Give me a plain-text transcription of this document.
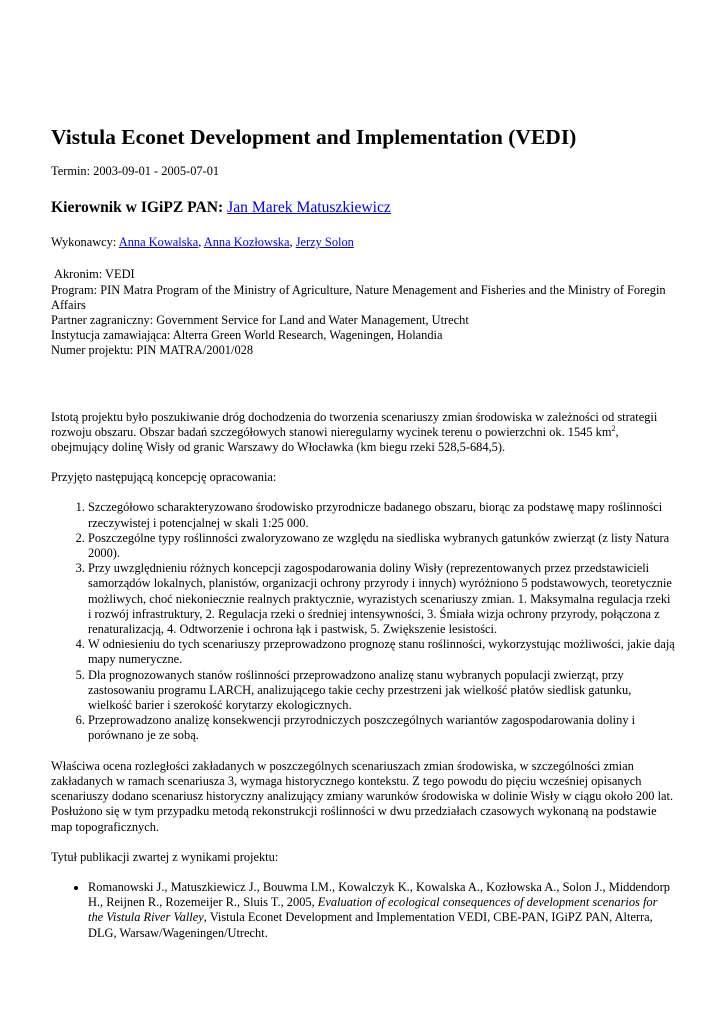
Vistula Econet Development and Implementation (VEDI)

Termin: 2003-09-01 - 2005-07-01

Kierownik w IGiPZ PAN: Jan Marek Matuszkiewicz

Wykonawcy: Anna Kowalska, Anna Kozłowska, Jerzy Solon

Akronim: VEDI
Program: PIN Matra Program of the Ministry of Agriculture, Nature Menagement and Fisheries and the Ministry of Foregin Affairs
Partner zagraniczny: Government Service for Land and Water Management, Utrecht
Instytucja zamawiająca: Alterra Green World Research, Wageningen, Holandia
Numer projektu: PIN MATRA/2001/028

Istotą projektu było poszukiwanie dróg dochodzenia do tworzenia scenariuszy zmian środowiska w zależności od strategii rozwoju obszaru. Obszar badań szczegółowych stanowi nieregularny wycinek terenu o powierzchni ok. 1545 $km^2$, obejmujący dolinę Wisły od granic Warszawy do Włocławka (km biegu rzeki 528,5-684,5).

Przyjęto następującą koncepcję opracowania:

1. Szczegółowo scharakteryzowano środowisko przyrodnicze badanego obszaru, biorąc za podstawę mapy roślinności rzeczywistej i potencjalnej w skali 1:25 000.
2. Poszczególne typy roślinności zwaloryzowano ze względu na siedliska wybranych gatunków zwierząt (z listy Natura 2000).
3. Przy uwzględnieniu różnych koncepcji zagospodarowania doliny Wisły (reprezentowanych przez przedstawicieli samorządów lokalnych, planistów, organizacji ochrony przyrody i innych) wyróżniono 5 podstawowych, teoretycznie możliwych, choć niekoniecznie realnych praktycznie, wyrazistych scenariuszy zmian. 1. Maksymalna regulacja rzeki i rozwój infrastruktury, 2. Regulacja rzeki o średniej intensywności, 3. Śmiała wizja ochrony przyrody, połączona z renaturalizacją, 4. Odtworzenie i ochrona łąk i pastwisk, 5. Zwiększenie lesistości.
4. W odniesieniu do tych scenariuszy przeprowadzono prognozę stanu roślinności, wykorzystując możliwości, jakie dają mapy numeryczne.
5. Dla prognozowanych stanów roślinności przeprowadzono analizę stanu wybranych populacji zwierząt, przy zastosowaniu programu LARCH, analizującego takie cechy przestrzeni jak wielkość płatów siedlisk gatunku, wielkość barier i szerokość korytarzy ekologicznych.
6. Przeprowadzono analizę konsekwencji przyrodniczych poszczególnych wariantów zagospodarowania doliny i porównano je ze sobą.

Właściwa ocena rozległości zakładanych w poszczególnych scenariuszach zmian środowiska, w szczególności zmian zakładanych w ramach scenariusza 3, wymaga historycznego kontekstu. Z tego powodu do pięciu wcześniej opisanych scenariuszy dodano scenariusz historyczny analizujący zmiany warunków środowiska w dolinie Wisły w ciągu około 200 lat. Posłużono się w tym przypadku metodą rekonstrukcji roślinności w dwu przedziałach czasowych wykonaną na podstawie map topograficznych.

Tytuł publikacji zwartej z wynikami projektu:

• Romanowski J., Matuszkiewicz J., Bouwma I.M., Kowalczyk K., Kowalska A., Kozłowska A., Solon J., Middendorp H., Reijnen R., Rozemeijer R., Sluis T., 2005, Evaluation of ecological consequences of development scenarios for the Vistula River Valley, Vistula Econet Development and Implementation VEDI, CBE-PAN, IGiPZ PAN, Alterra, DLG, Warsaw/Wageningen/Utrecht.
